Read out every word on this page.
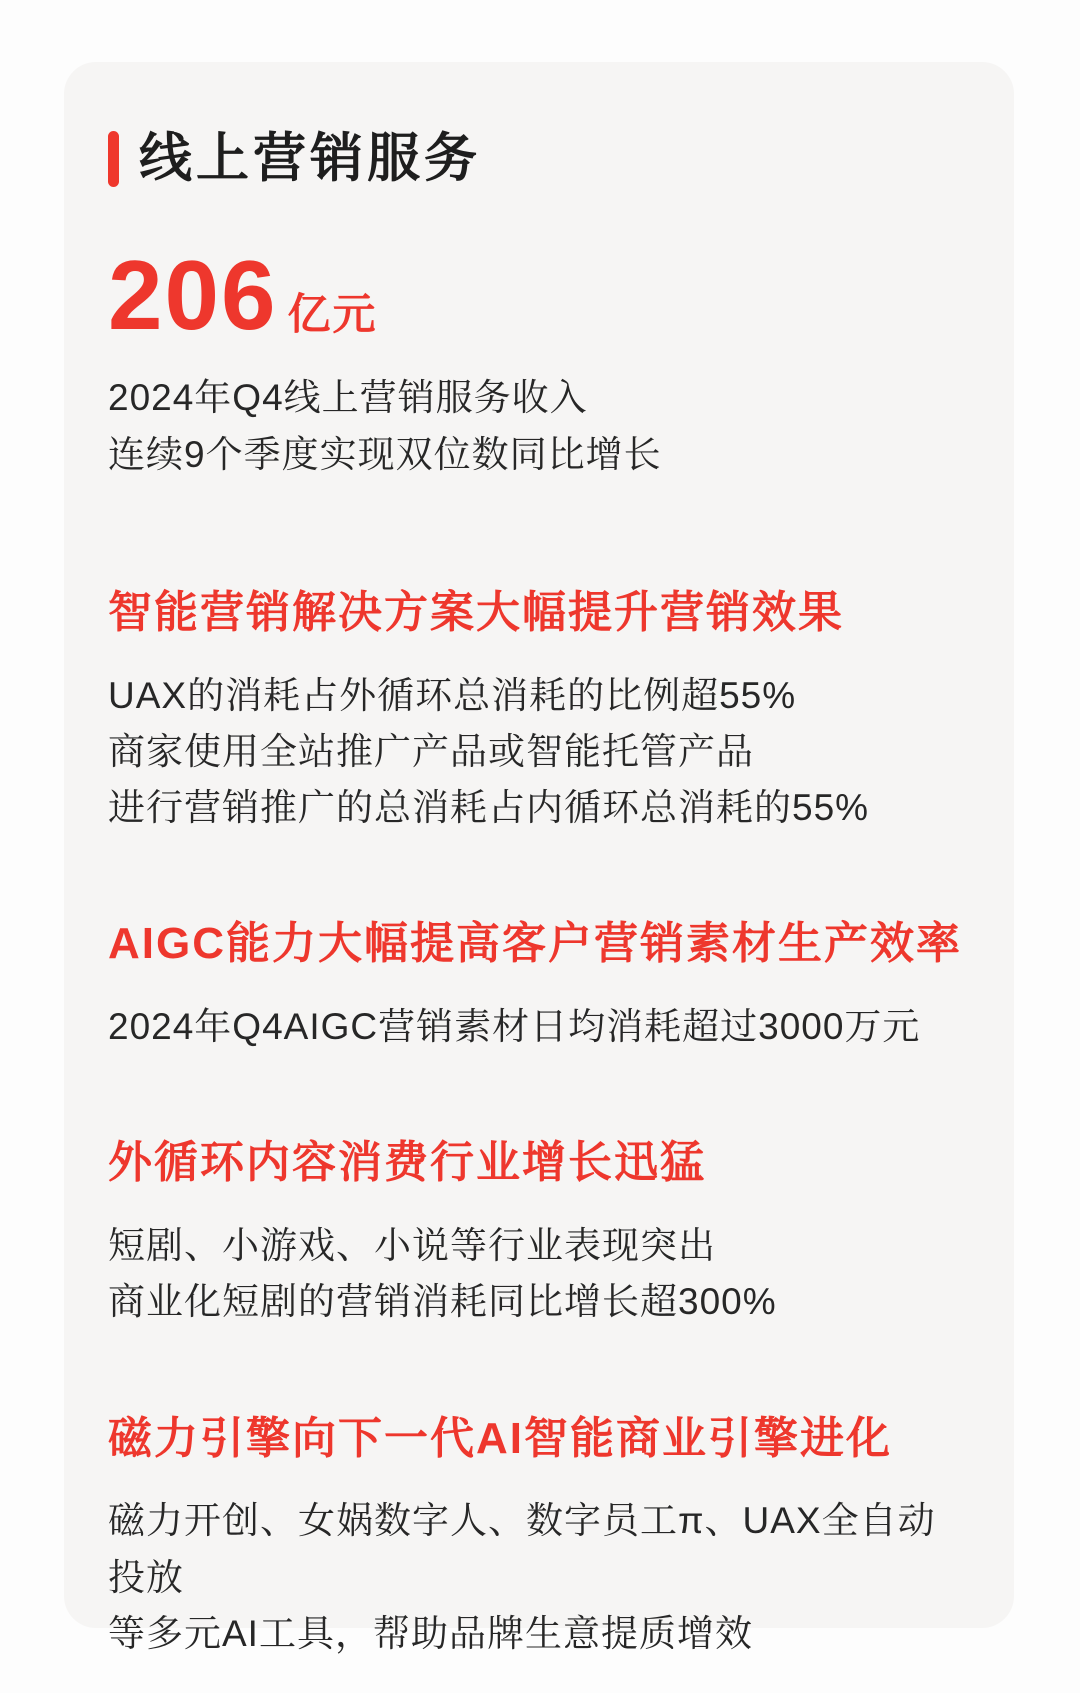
线上营销服务
206 亿元

2024年Q4线上营销服务收入

连续9个季度实现双位数同比增长

智能营销解决方案大幅提升营销效果

UAX的消耗占外循环总消耗的比例超55%

商家使用全站推广产品或智能托管产品

进行营销推广的总消耗占内循环总消耗的55%

AIGC能力大幅提高客户营销素材生产效率

2024年Q4AIGC营销素材日均消耗超过3000万元

外循环内容消费行业增长迅猛

短剧、小游戏、小说等行业表现突出

商业化短剧的营销消耗同比增长超300%

磁力引擎向下一代AI智能商业引擎进化

磁力开创、女娲数字人、数字员工π、UAX全自动投放

等多元AI工具，帮助品牌生意提质增效
